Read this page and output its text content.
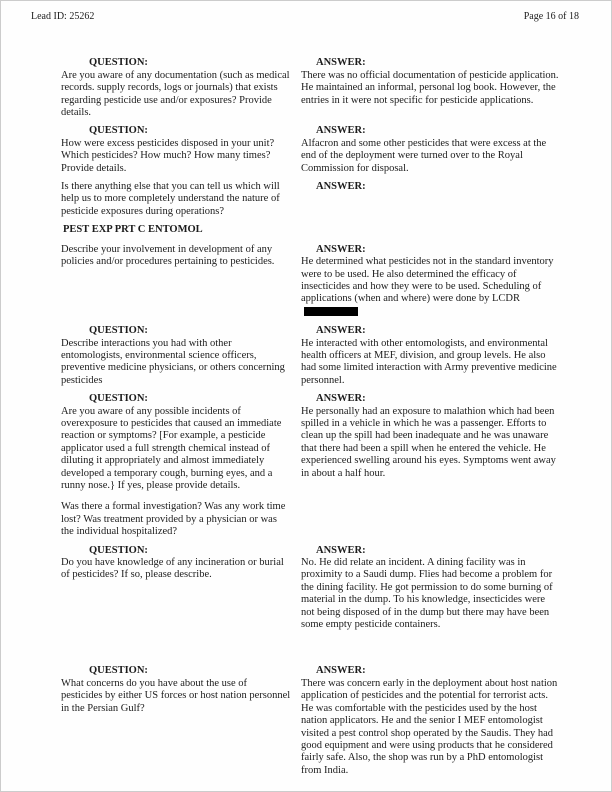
Lead ID: 25262	Page 16 of 18
QUESTION:
Are you aware of any documentation (such as medical records. supply records, logs or journals) that exists regarding pesticide use and/or exposures? Provide details.
ANSWER:
There was no official documentation of pesticide application. He maintained an informal, personal log book. However, the entries in it were not specific for pesticide applications.
QUESTION:
How were excess pesticides disposed in your unit? Which pesticides? How much? How many times? Provide details.
ANSWER:
Alfacron and some other pesticides that were excess at the end of the deployment were turned over to the Royal Commission for disposal.
Is there anything else that you can tell us which will help us to more completely understand the nature of pesticide exposures during operations?
ANSWER:
PEST EXP PRT C ENTOMOL
Describe your involvement in development of any policies and/or procedures pertaining to pesticides.
ANSWER:
He determined what pesticides not in the standard inventory were to be used. He also determined the efficacy of insecticides and how they were to be used. Scheduling of applications (when and where) were done by LCDR
QUESTION:
Describe interactions you had with other entomologists, environmental science officers, preventive medicine physicians, or others concerning pesticides
ANSWER:
He interacted with other entomologists, and environmental health officers at MEF, division, and group levels. He also had some limited interaction with Army preventive medicine personnel.
QUESTION:
Are you aware of any possible incidents of overexposure to pesticides that caused an immediate reaction or symptoms? [For example, a pesticide applicator used a full strength chemical instead of diluting it appropriately and almost immediately developed a temporary cough, burning eyes, and a runny nose.} If yes, please provide details.
Was there a formal investigation? Was any work time lost? Was treatment provided by a physician or was the individual hospitalized?
ANSWER:
He personally had an exposure to malathion which had been spilled in a vehicle in which he was a passenger. Efforts to clean up the spill had been inadequate and he was unaware that there had been a spill when he entered the vehicle. He experienced swelling around his eyes. Symptoms went away in about a half hour.
QUESTION:
Do you have knowledge of any incineration or burial of pesticides? If so, please describe.
ANSWER:
No. He did relate an incident. A dining facility was in proximity to a Saudi dump. Flies had become a problem for the dining facility. He got permission to do some burning of material in the dump. To his knowledge, insecticides were not being disposed of in the dump but there may have been some empty pesticide containers.
QUESTION:
What concerns do you have about the use of pesticides by either US forces or host nation personnel in the Persian Gulf?
ANSWER:
There was concern early in the deployment about host nation application of pesticides and the potential for terrorist acts. He was comfortable with the pesticides used by the host nation applicators. He and the senior I MEF entomologist visited a pest control shop operated by the Saudis. They had good equipment and were using products that he considered fairly safe. Also, the shop was run by a PhD entomologist from India.
